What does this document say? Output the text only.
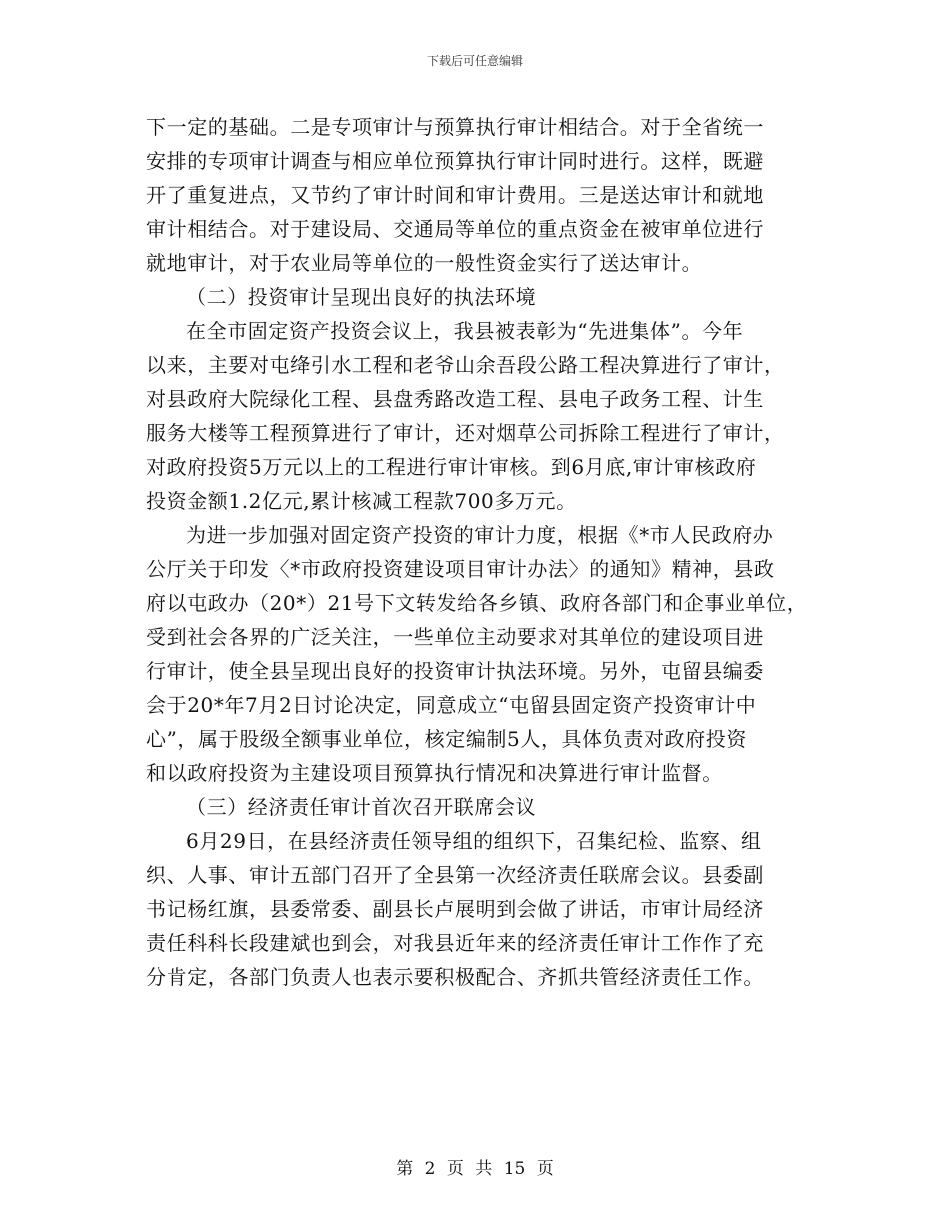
下载后可任意编辑
下一定的基础。二是专项审计与预算执行审计相结合。对于全省统一
安排的专项审计调查与相应单位预算执行审计同时进行。这样，既避
开了重复进点，又节约了审计时间和审计费用。三是送达审计和就地
审计相结合。对于建设局、交通局等单位的重点资金在被审单位进行
就地审计，对于农业局等单位的一般性资金实行了送达审计。
（二）投资审计呈现出良好的执法环境
在全市固定资产投资会议上，我县被表彰为“先进集体”。今年
以来，主要对屯绛引水工程和老爷山余吾段公路工程决算进行了审计，
对县政府大院绿化工程、县盘秀路改造工程、县电子政务工程、计生
服务大楼等工程预算进行了审计，还对烟草公司拆除工程进行了审计，
对政府投资5万元以上的工程进行审计审核。到6月底,审计审核政府
投资金额1.2亿元,累计核减工程款700多万元。
为进一步加强对固定资产投资的审计力度，根据《*市人民政府办
公厅关于印发〈*市政府投资建设项目审计办法〉的通知》精神，县政
府以屯政办（20*）21号下文转发给各乡镇、政府各部门和企事业单位，
受到社会各界的广泛关注，一些单位主动要求对其单位的建设项目进
行审计，使全县呈现出良好的投资审计执法环境。另外，屯留县编委
会于20*年7月2日讨论决定，同意成立“屯留县固定资产投资审计中
心”，属于股级全额事业单位，核定编制5人，具体负责对政府投资
和以政府投资为主建设项目预算执行情况和决算进行审计监督。
（三）经济责任审计首次召开联席会议
6月29日，在县经济责任领导组的组织下，召集纪检、监察、组
织、人事、审计五部门召开了全县第一次经济责任联席会议。县委副
书记杨红旗，县委常委、副县长卢展明到会做了讲话，市审计局经济
责任科科长段建斌也到会，对我县近年来的经济责任审计工作作了充
分肯定，各部门负责人也表示要积极配合、齐抓共管经济责任工作。
第 2 页 共 15 页
